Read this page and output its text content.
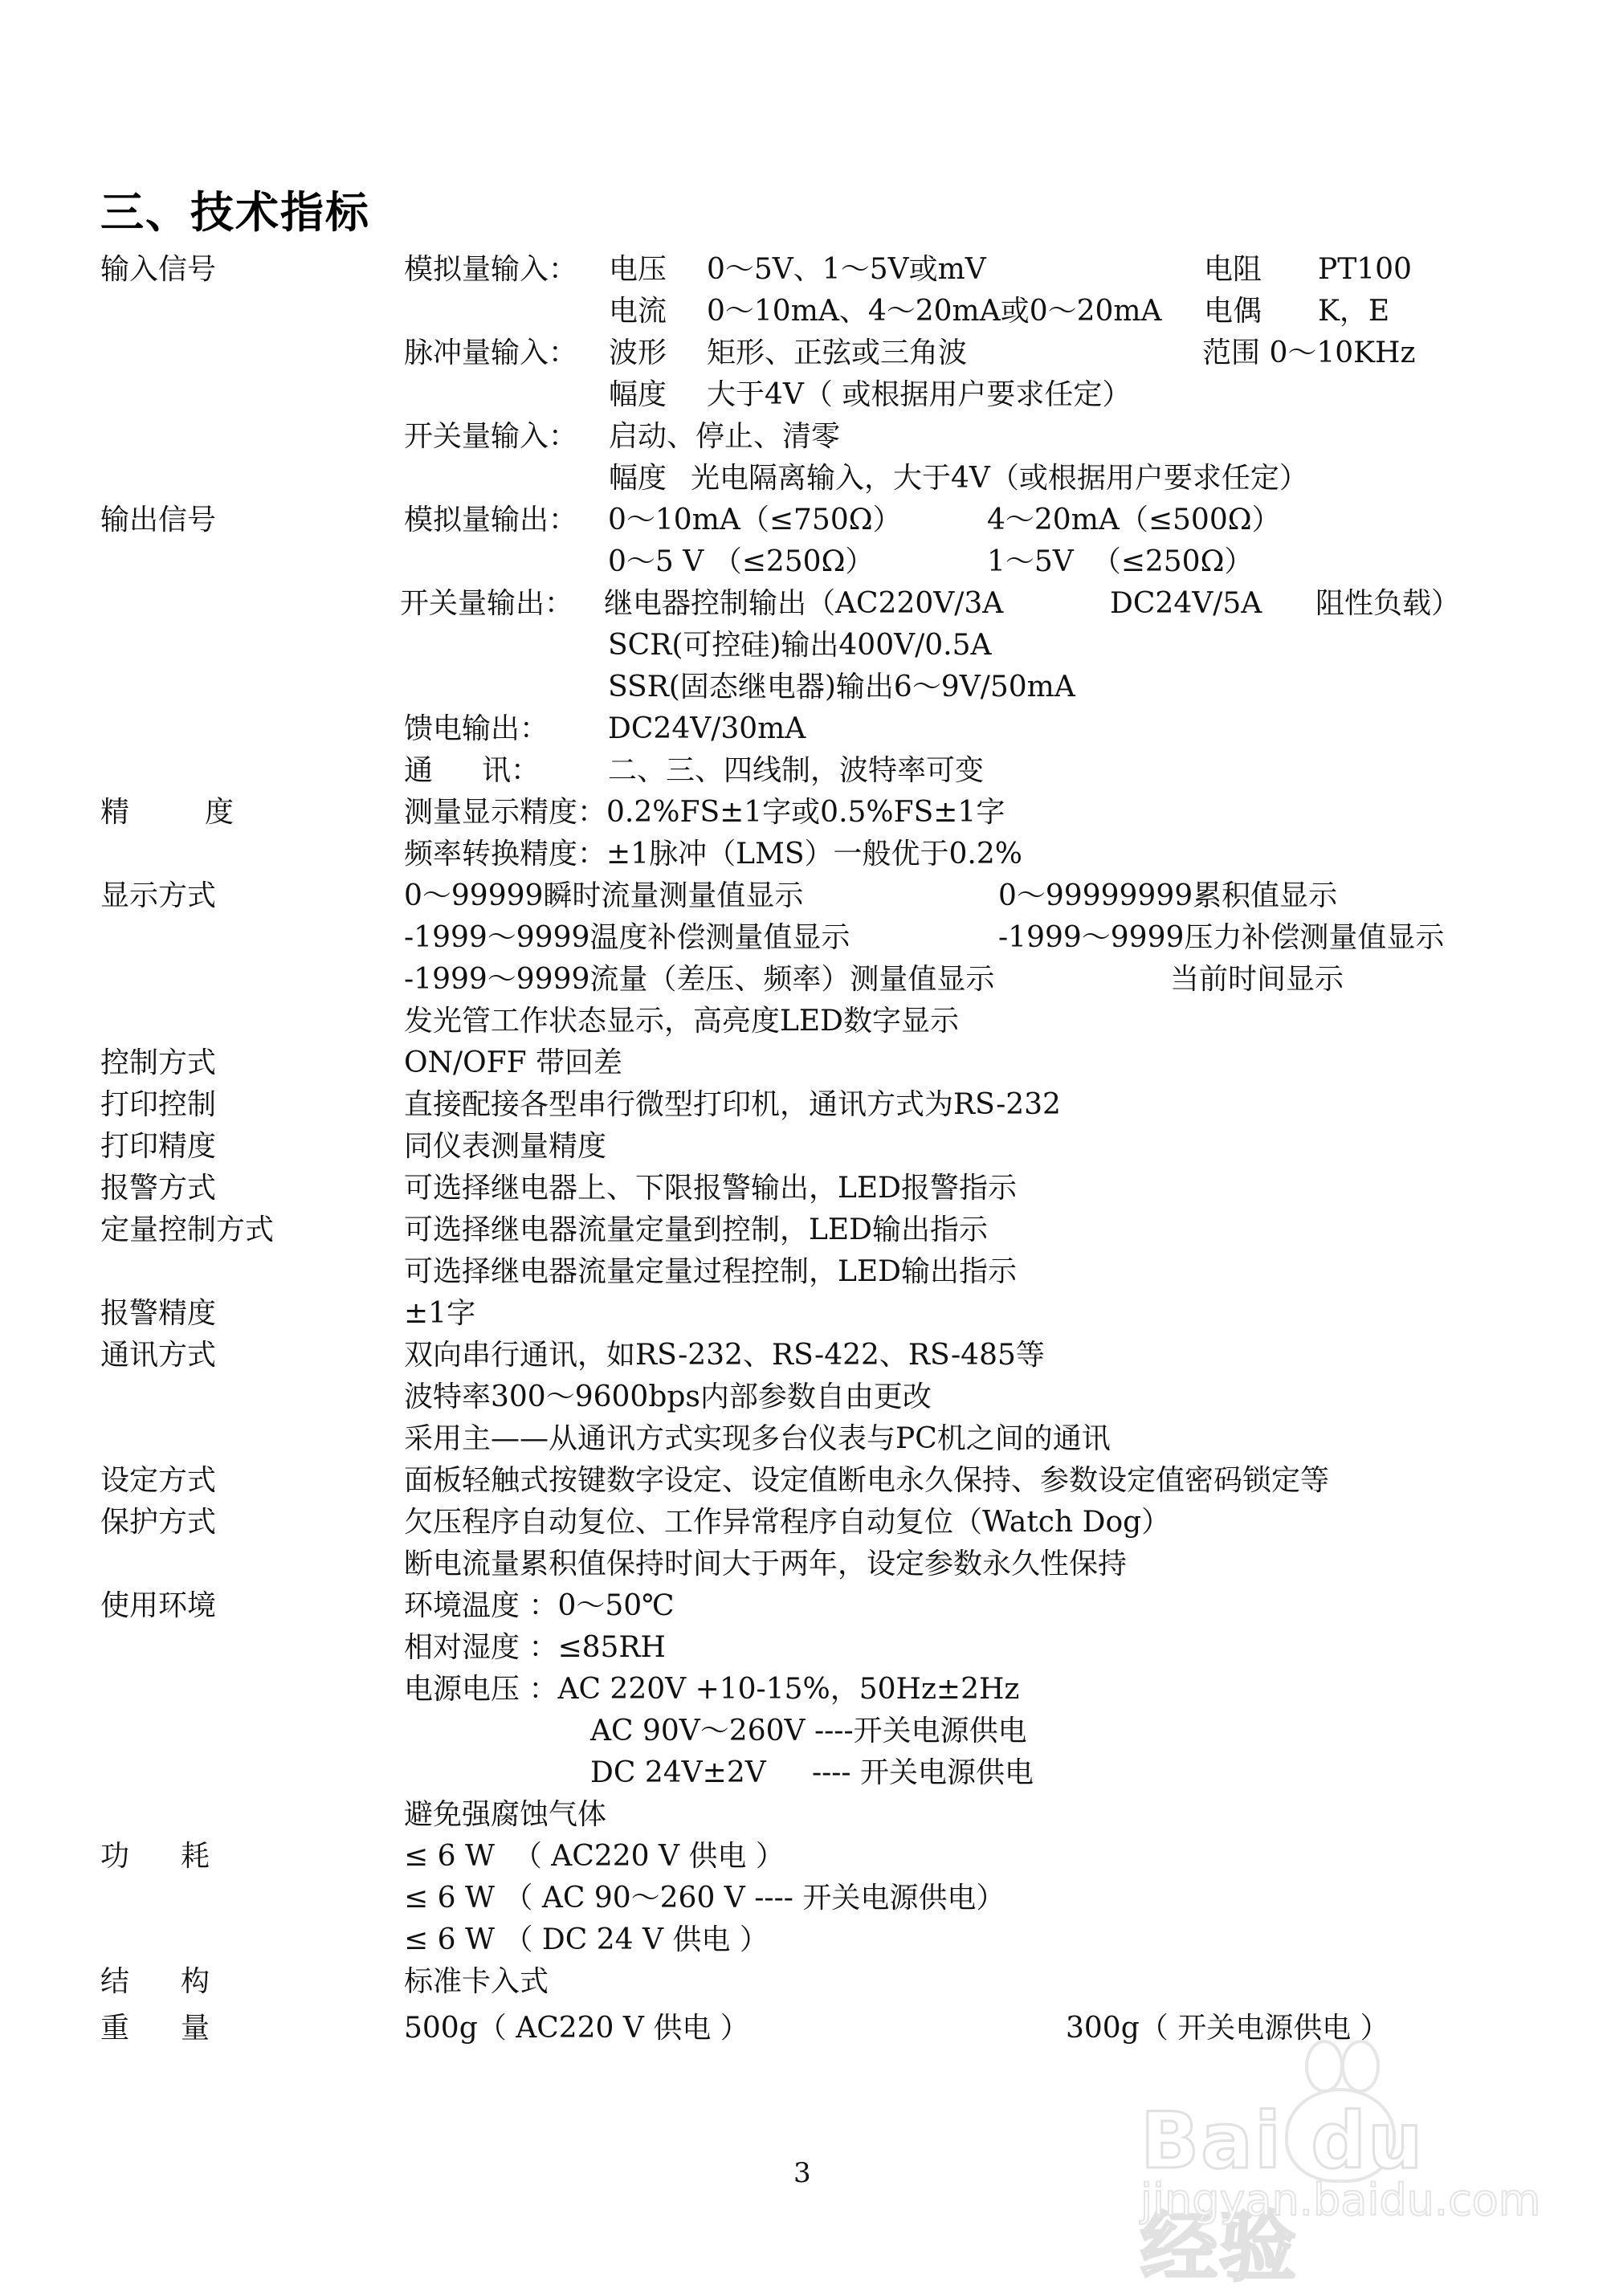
三、技术指标
输入信号	模拟量输入： 电压 0～5V、1～5V或mV	电阻 PT100
电流 0～10mA、4～20mA或0～20mA 电偶 K，E
脉冲量输入： 波形 矩形、正弦或三角波	范围 0～10KHz
幅度 大于4V（ 或根据用户要求任定）
开关量输入： 启动、停止、清零
幅度 光电隔离输入，大于4V（或根据用户要求任定）
输出信号	模拟量输出： 0～10mA（≤750Ω）	4～20mA（≤500Ω）
0～5 V （≤250Ω）	1～5V  （≤250Ω）
开关量输出： 继电器控制输出（AC220V/3A	DC24V/5A 阻性负载）
SCR(可控硅)输出400V/0.5A
SSR(固态继电器)输出6～9V/50mA
馈电输出： DC24V/30mA
通 讯： 二、三、四线制，波特率可变
精	度	测量显示精度：0.2%FS±1字或0.5%FS±1字
频率转换精度：±1脉冲（LMS）一般优于0.2%
显示方式	0～99999瞬时流量测量值显示	0～99999999累积值显示
-1999～9999温度补偿测量值显示	-1999～9999压力补偿测量值显示
-1999～9999流量（差压、频率）测量值显示	当前时间显示
发光管工作状态显示，高亮度LED数字显示
控制方式	ON/OFF 带回差
打印控制	直接配接各型串行微型打印机，通讯方式为RS-232
打印精度	同仪表测量精度
报警方式	可选择继电器上、下限报警输出，LED报警指示
定量控制方式	可选择继电器流量定量到控制，LED输出指示
可选择继电器流量定量过程控制，LED输出指示
报警精度	±1字
通讯方式	双向串行通讯，如RS-232、RS-422、RS-485等
波特率300～9600bps内部参数自由更改
采用主——从通讯方式实现多台仪表与PC机之间的通讯
设定方式	面板轻触式按键数字设定、设定值断电永久保持、参数设定值密码锁定等
保护方式	欠压程序自动复位、工作异常程序自动复位（Watch Dog）
断电流量累积值保持时间大于两年，设定参数永久性保持
使用环境	环境温度 ：0～50℃
相对湿度 ：≤85RH
电源电压 ：AC 220V +10-15%，50Hz±2Hz
AC 90V～260V ----开关电源供电
DC 24V±2V     ---- 开关电源供电
避免强腐蚀气体
功 耗	≤ 6 W  （ AC220 V 供电 ）
≤ 6 W （ AC 90～260 V ---- 开关电源供电）
≤ 6 W （ DC 24 V 供电 ）
结 构	标准卡入式
重 量	500g（ AC220 V 供电 ）	300g（ 开关电源供电 ）
3	Bai du 经验
jingyan.baidu.com
